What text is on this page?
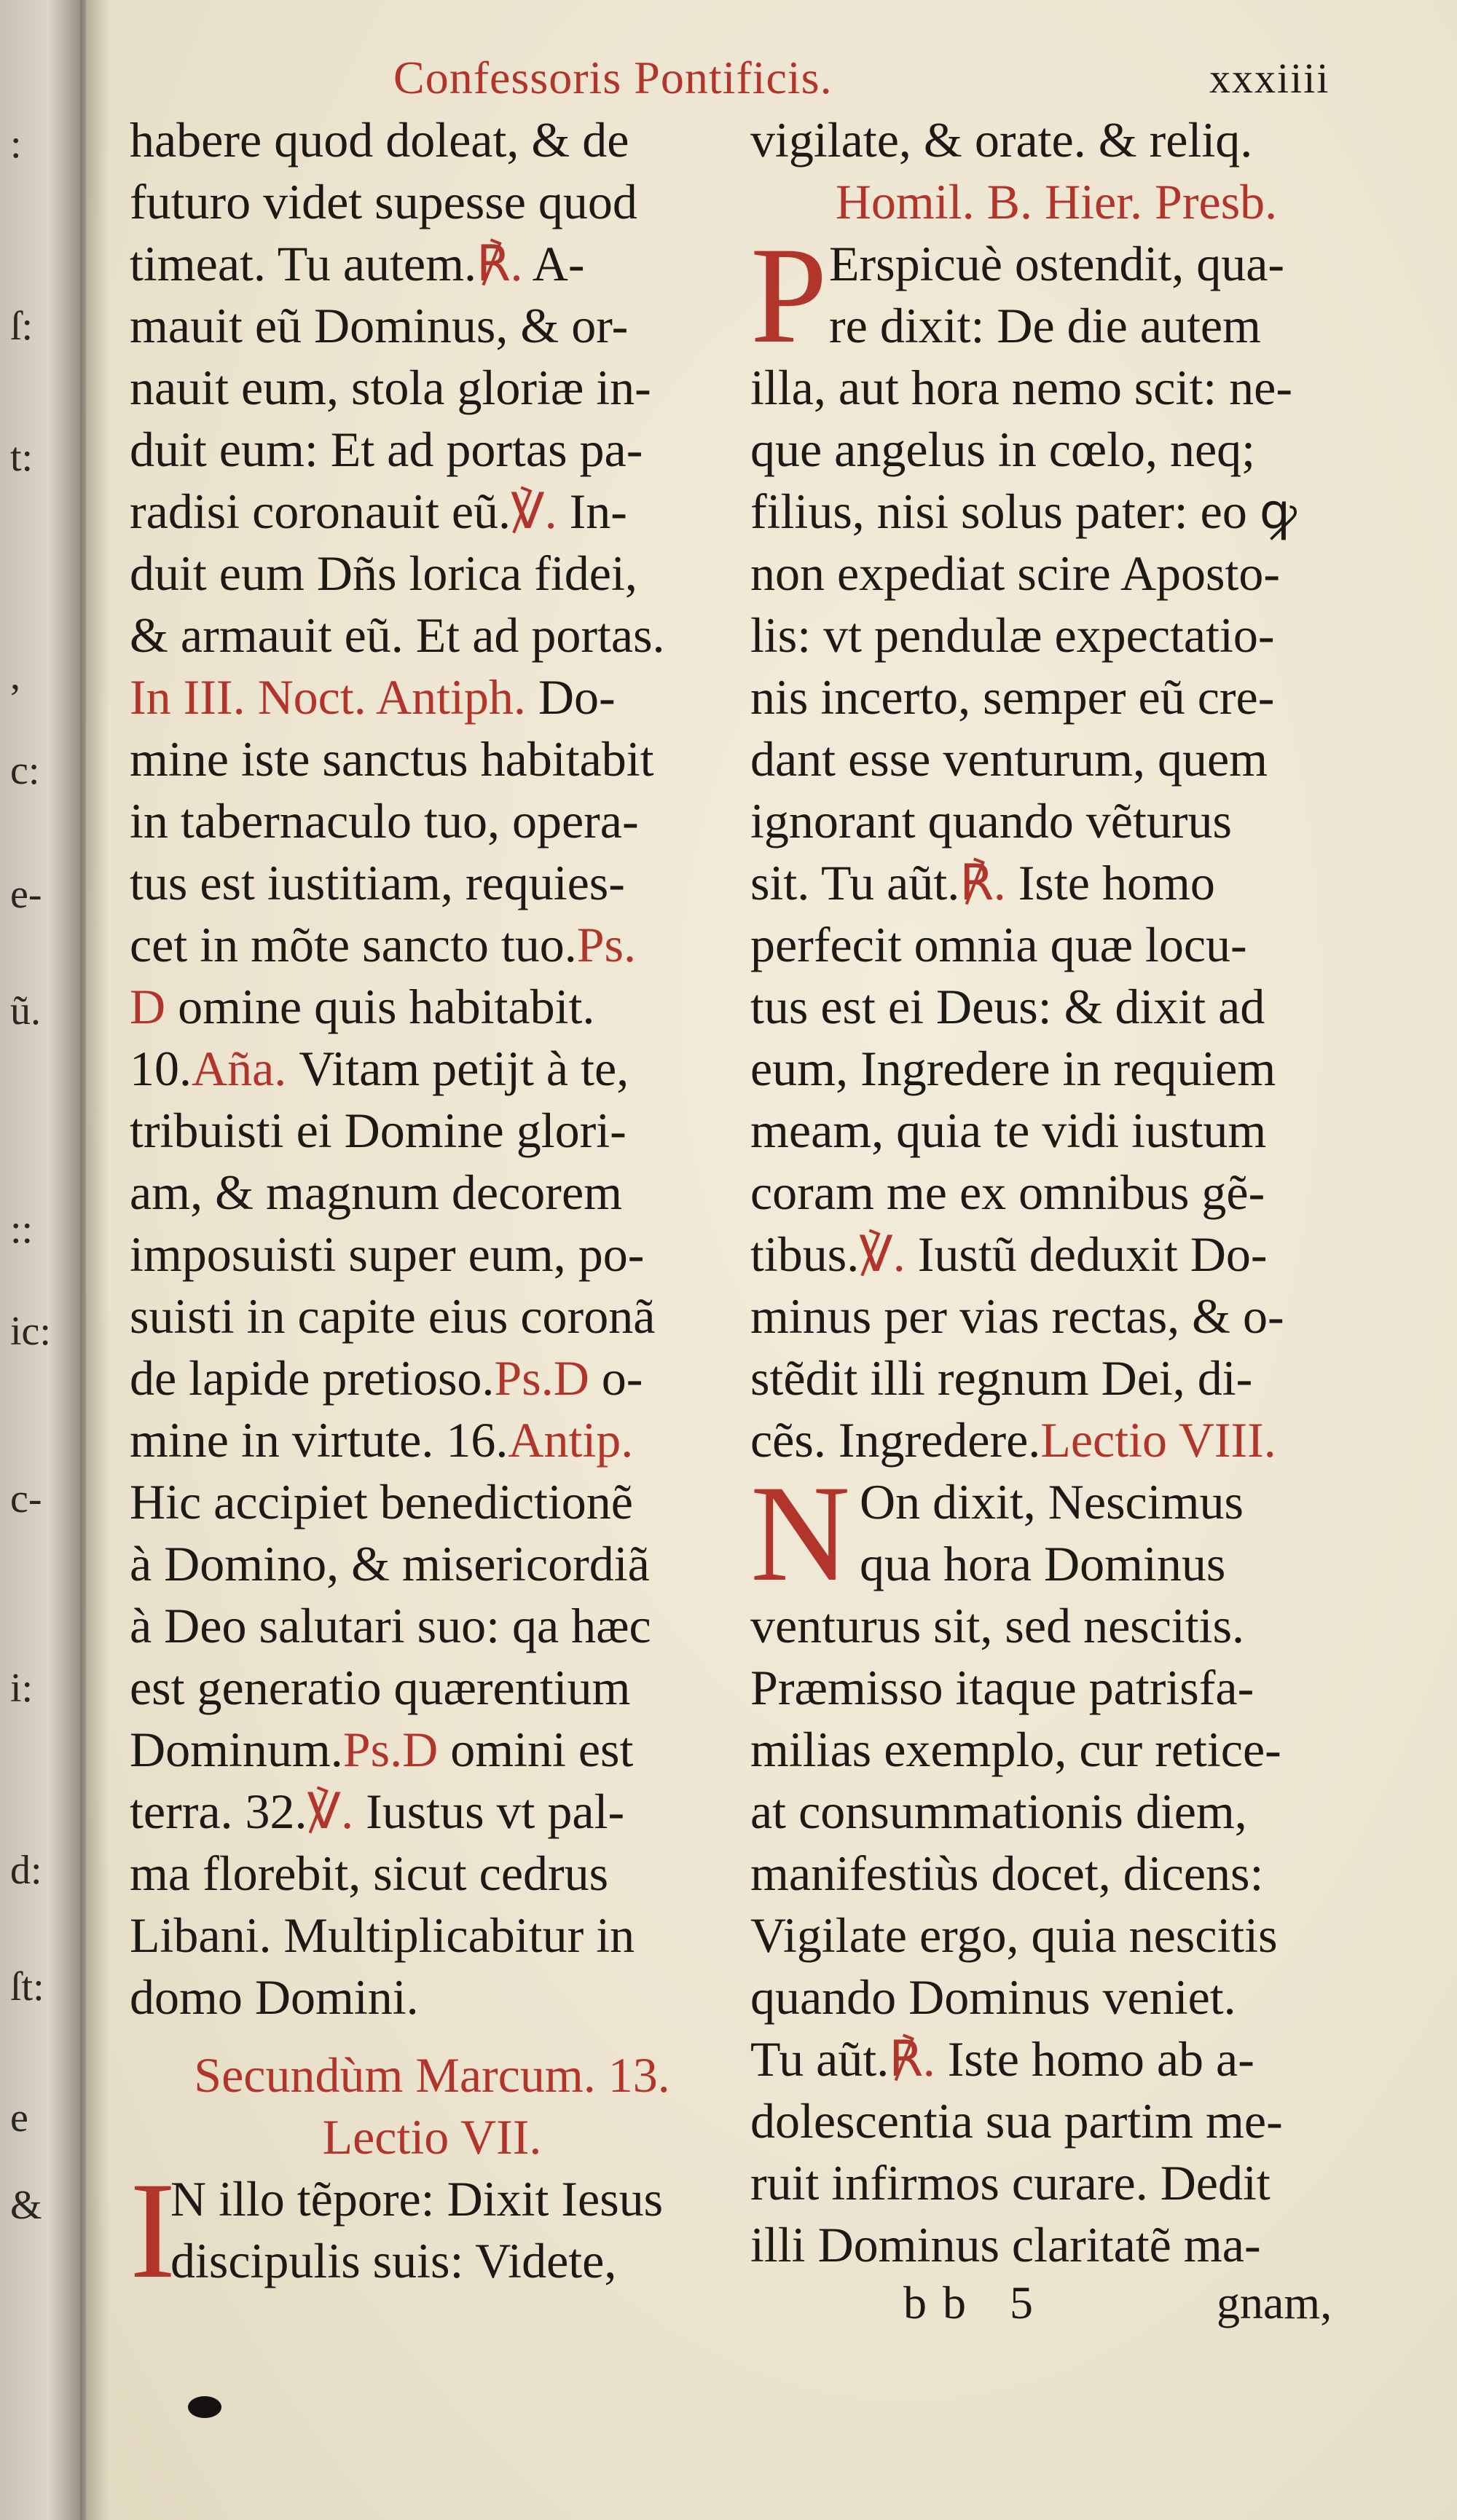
:
ſ:
t:
,
c:
e-
ũ.
::
ic:
c-
i:
d:
ſt:
e
&
Confessoris Pontificis.	xxxiiii
habere quod doleat, & de
futuro videt supesse quod
timeat. Tu autem.℟. A-
mauit eũ Dominus, & or-
nauit eum, stola gloriæ in-
duit eum: Et ad portas pa-
radisi coronauit eũ.℣. In-
duit eum Dñs lorica fidei,
& armauit eũ. Et ad portas.
In III. Noct. Antiph. Do-
mine iste sanctus habitabit
in tabernaculo tuo, opera-
tus est iustitiam, requies-
cet in mõte sancto tuo.Ps.
D omine quis habitabit.
10.Añа. Vitam petijt à te,
tribuisti ei Domine glori-
am, & magnum decorem
imposuisti super eum, po-
suisti in capite eius coronã
de lapide pretioso.Ps.D o-
mine in virtute. 16.Antip.
Hic accipiet benedictionẽ
à Domino, & misericordiã
à Deo salutari suo: qa hæc
est generatio quærentium
Dominum.Ps.D omini est
terra. 32.℣. Iustus vt pal-
ma florebit, sicut cedrus
Libani. Multiplicabitur in
domo Domini.
Secundùm Marcum. 13.
Lectio VII.
I
N illo tẽpore: Dixit Iesus
discipulis suis: Videte,
vigilate, & orate. & reliq.
Homil. B. Hier. Presb.
P Erspicuè ostendit, qua-
re dixit: De die autem
illa, aut hora nemo scit: ne-
que angelus in cœlo, neq;
filius, nisi solus pater: eo ꝙ
non expediat scire Aposto-
lis: vt pendulæ expectatio-
nis incerto, semper eũ cre-
dant esse venturum, quem
ignorant quando vẽturus
sit. Tu aũt.℟. Iste homo
perfecit omnia quæ locu-
tus est ei Deus: & dixit ad
eum, Ingredere in requiem
meam, quia te vidi iustum
coram me ex omnibus gẽ-
tibus.℣. Iustũ deduxit Do-
minus per vias rectas, & o-
stẽdit illi regnum Dei, di-
cẽs. Ingredere.Lectio VIII.
N On dixit, Nescimus
qua hora Dominus
venturus sit, sed nescitis.
Præmisso itaque patrisfa-
milias exemplo, cur retice-
at consummationis diem,
manifestiùs docet, dicens:
Vigilate ergo, quia nescitis
quando Dominus veniet.
Tu aũt.℟. Iste homo ab a-
dolescentia sua partim me-
ruit infirmos curare. Dedit
illi Dominus claritatẽ ma-
bb 5	gnam,
